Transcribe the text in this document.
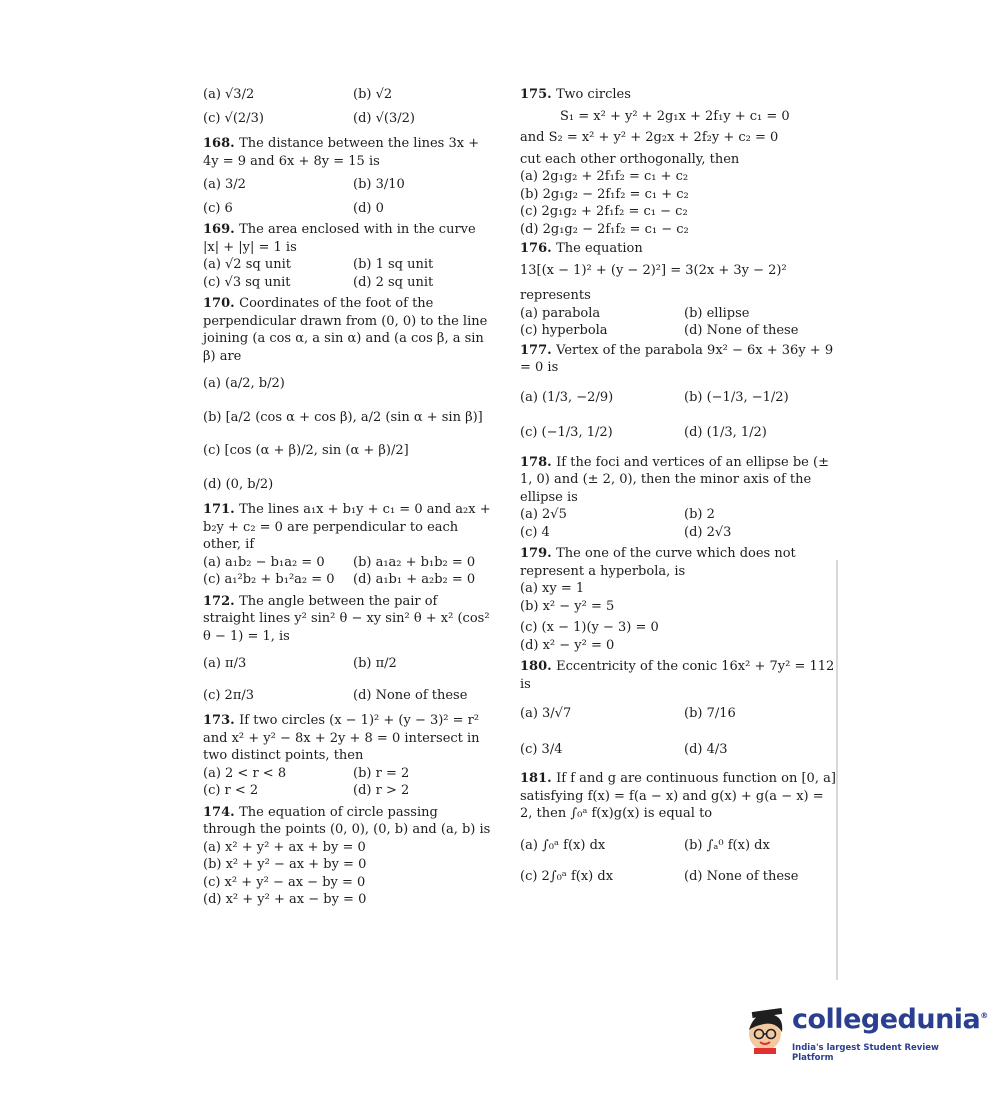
(a) √3/2	(b) √2
(c) √(2/3)	(d) √(3/2)
168. The distance between the lines 3x + 4y = 9 and 6x + 8y = 15 is
(a) 3/2	(b) 3/10
(c) 6	(d) 0
169. The area enclosed with in the curve |x| + |y| = 1 is
(a) √2 sq unit	(b) 1 sq unit
(c) √3 sq unit	(d) 2 sq unit
170. Coordinates of the foot of the perpendicular drawn from (0, 0) to the line joining (a cos α, a sin α) and (a cos β, a sin β) are
(a) (a/2, b/2)
(b) [a/2 (cos α + cos β), a/2 (sin α + sin β)]
(c) [cos (α + β)/2, sin (α + β)/2]
(d) (0, b/2)
171. The lines a₁x + b₁y + c₁ = 0 and a₂x + b₂y + c₂ = 0 are perpendicular to each other, if
(a) a₁b₂ − b₁a₂ = 0	(b) a₁a₂ + b₁b₂ = 0
(c) a₁²b₂ + b₁²a₂ = 0	(d) a₁b₁ + a₂b₂ = 0
172. The angle between the pair of straight lines y² sin² θ − xy sin² θ + x² (cos² θ − 1) = 1, is
(a) π/3	(b) π/2
(c) 2π/3	(d) None of these
173. If two circles (x − 1)² + (y − 3)² = r² and x² + y² − 8x + 2y + 8 = 0 intersect in two distinct points, then
(a) 2 < r < 8	(b) r = 2
(c) r < 2	(d) r > 2
174. The equation of circle passing through the points (0, 0), (0, b) and (a, b) is
(a) x² + y² + ax + by = 0
(b) x² + y² − ax + by = 0
(c) x² + y² − ax − by = 0
(d) x² + y² + ax − by = 0
175. Two circles
S₁ = x² + y² + 2g₁x + 2f₁y + c₁ = 0
and S₂ = x² + y² + 2g₂x + 2f₂y + c₂ = 0
cut each other orthogonally, then
(a) 2g₁g₂ + 2f₁f₂ = c₁ + c₂
(b) 2g₁g₂ − 2f₁f₂ = c₁ + c₂
(c) 2g₁g₂ + 2f₁f₂ = c₁ − c₂
(d) 2g₁g₂ − 2f₁f₂ = c₁ − c₂
176. The equation
13[(x − 1)² + (y − 2)²] = 3(2x + 3y − 2)²
represents
(a) parabola	(b) ellipse
(c) hyperbola	(d) None of these
177. Vertex of the parabola 9x² − 6x + 36y + 9 = 0 is
(a) (1/3, −2/9)	(b) (−1/3, −1/2)
(c) (−1/3, 1/2)	(d) (1/3, 1/2)
178. If the foci and vertices of an ellipse be (± 1, 0) and (± 2, 0), then the minor axis of the ellipse is
(a) 2√5	(b) 2
(c) 4	(d) 2√3
179. The one of the curve which does not represent a hyperbola, is
(a) xy = 1
(b) x² − y² = 5
(c) (x − 1)(y − 3) = 0
(d) x² − y² = 0
180. Eccentricity of the conic 16x² + 7y² = 112 is
(a) 3/√7	(b) 7/16
(c) 3/4	(d) 4/3
181. If f and g are continuous function on [0, a] satisfying f(x) = f(a − x) and g(x) + g(a − x) = 2, then ∫₀ᵃ f(x)g(x) is equal to
(a) ∫₀ᵃ f(x) dx	(b) ∫ₐ⁰ f(x) dx
(c) 2∫₀ᵃ f(x) dx	(d) None of these
collegedunia®
India's largest Student Review Platform
